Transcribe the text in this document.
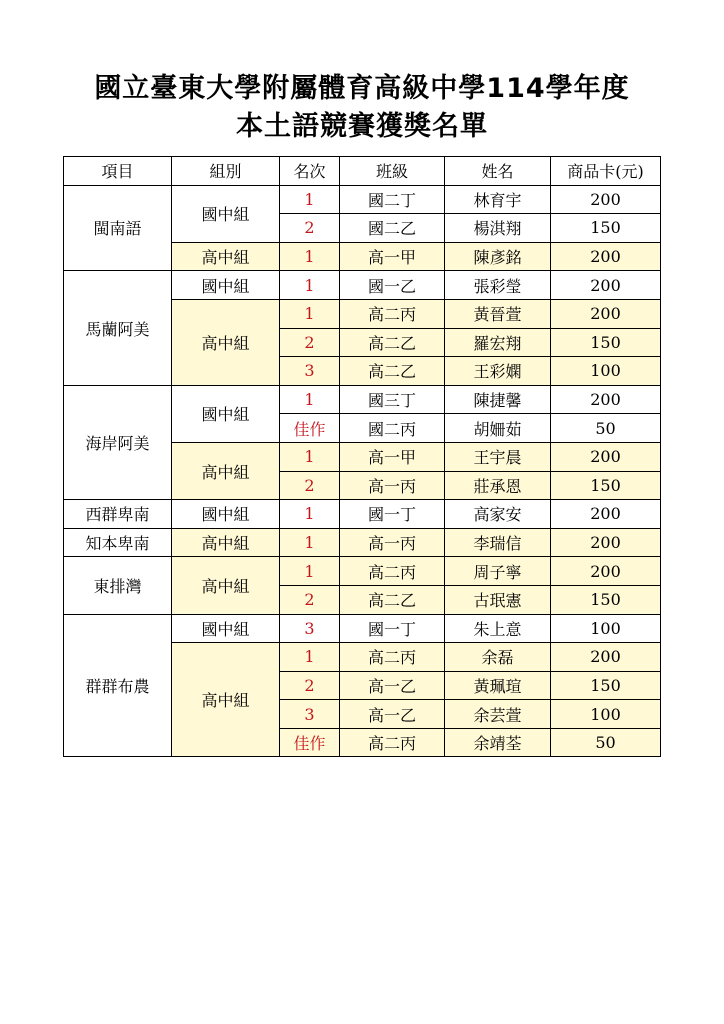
國立臺東大學附屬體育高級中學114學年度
本土語競賽獲獎名單
項目	組別	名次	班級	姓名	商品卡(元)
閩南語	國中組	1	國二丁	林育宇	200
		2	國二乙	楊淇翔	150
	高中組	1	高一甲	陳彥銘	200
馬蘭阿美	國中組	1	國一乙	張彩瑩	200
	高中組	1	高二丙	黃晉萱	200
		2	高二乙	羅宏翔	150
		3	高二乙	王彩嫻	100
海岸阿美	國中組	1	國三丁	陳捷馨	200
		佳作	國二丙	胡姍茹	50
	高中組	1	高一甲	王宇晨	200
		2	高一丙	莊承恩	150
西群卑南	國中組	1	國一丁	高家安	200
知本卑南	高中組	1	高一丙	李瑞信	200
東排灣	高中組	1	高二丙	周子寧	200
		2	高二乙	古珉憲	150
群群布農	國中組	3	國一丁	朱上意	100
	高中組	1	高二丙	余磊	200
		2	高一乙	黃珮瑄	150
		3	高一乙	余芸萱	100
		佳作	高二丙	余靖荃	50
